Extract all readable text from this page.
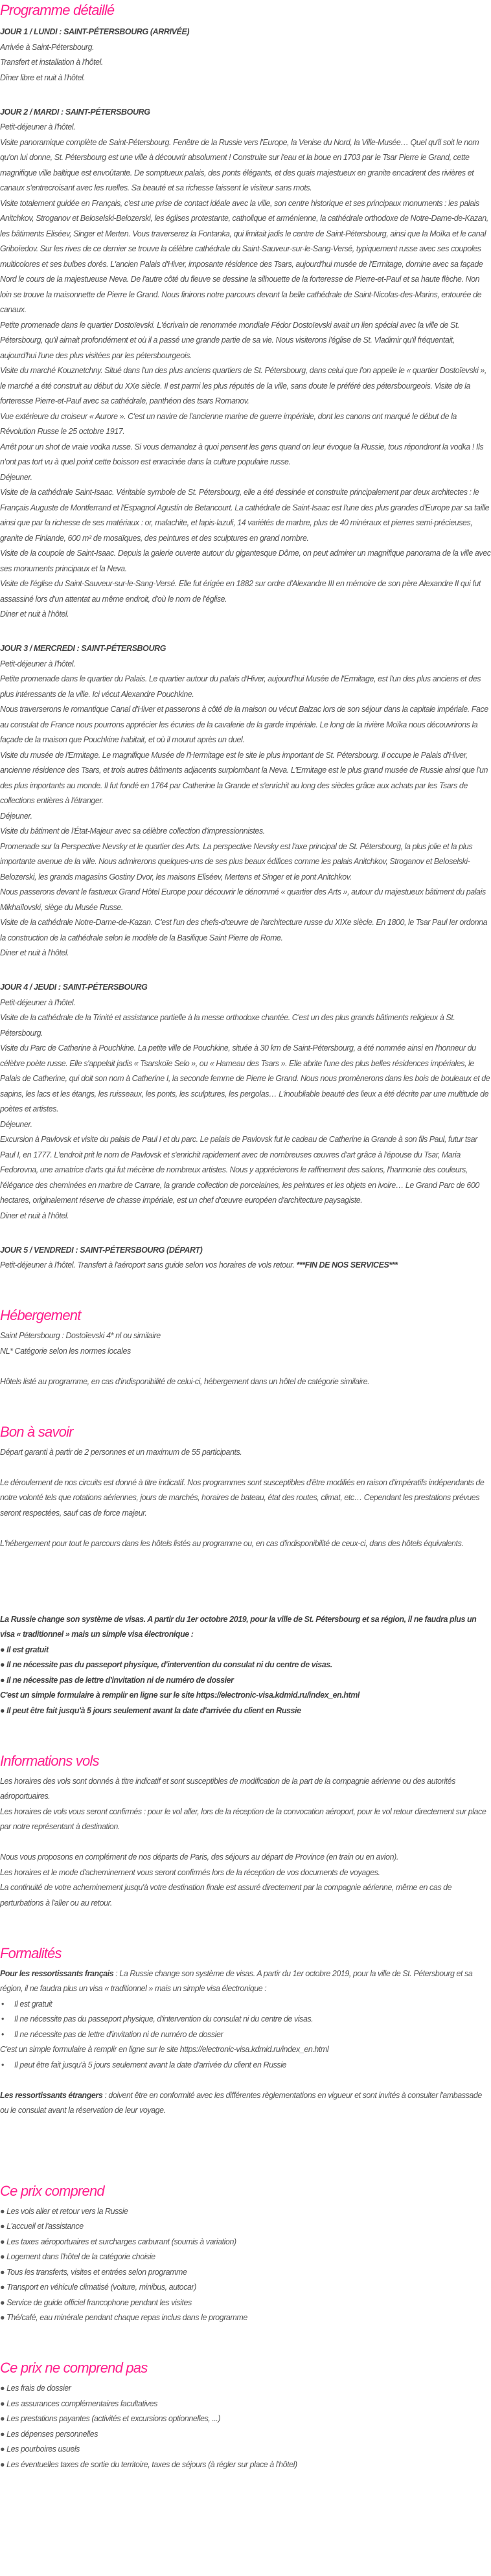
Programme détaillé
JOUR 1 / LUNDI : SAINT-PÉTERSBOURG (ARRIVÉE)

Arrivée à Saint-Pétersbourg.

Transfert et installation à l'hôtel.

Dîner libre et nuit à l'hôtel.

JOUR 2 / MARDI : SAINT-PÉTERSBOURG

Petit-déjeuner à l'hôtel.

Visite panoramique complète de Saint-Pétersbourg. Fenêtre de la Russie vers l'Europe, la Venise du Nord, la Ville-Musée… Quel qu'il soit le nom qu'on lui donne, St. Pétersbourg est une ville à découvrir absolument ! Construite sur l'eau et la boue en 1703 par le Tsar Pierre le Grand, cette magnifique ville baltique est envoûtante. De somptueux palais, des ponts élégants, et des quais majestueux en granite encadrent des rivières et canaux s'entrecroisant avec les ruelles. Sa beauté et sa richesse laissent le visiteur sans mots.

Visite totalement guidée en Français, c'est une prise de contact idéale avec la ville, son centre historique et ses principaux monuments : les palais Anitchkov, Stroganov et Beloselski-Belozerski, les églises protestante, catholique et arménienne, la cathédrale orthodoxe de Notre-Dame-de-Kazan, les bâtiments Eliséev, Singer et Merten. Vous traverserez la Fontanka, qui limitait jadis le centre de Saint-Pétersbourg, ainsi que la Moïka et le canal Griboïedov. Sur les rives de ce dernier se trouve la célèbre cathédrale du Saint-Sauveur-sur-le-Sang-Versé, typiquement russe avec ses coupoles multicolores et ses bulbes dorés. L'ancien Palais d'Hiver, imposante résidence des Tsars, aujourd'hui musée de l'Ermitage, domine avec sa façade Nord le cours de la majestueuse Neva. De l'autre côté du fleuve se dessine la silhouette de la forteresse de Pierre-et-Paul et sa haute flèche. Non loin se trouve la maisonnette de Pierre le Grand. Nous finirons notre parcours devant la belle cathédrale de Saint-Nicolas-des-Marins, entourée de canaux.

Petite promenade dans le quartier Dostoïevski. L'écrivain de renommée mondiale Fédor Dostoïevski avait un lien spécial avec la ville de St. Pétersbourg, qu'il aimait profondément et où il a passé une grande partie de sa vie. Nous visiterons l'église de St. Vladimir qu'il fréquentait, aujourd'hui l'une des plus visitées par les pétersbourgeois.

Visite du marché Kouznetchny. Situé dans l'un des plus anciens quartiers de St. Pétersbourg, dans celui que l'on appelle le « quartier Dostoïevski », le marché a été construit au début du XXe siècle. Il est parmi les plus réputés de la ville, sans doute le préféré des pétersbourgeois. Visite de la forteresse Pierre-et-Paul avec sa cathédrale, panthéon des tsars Romanov.

Vue extérieure du croiseur « Aurore ». C'est un navire de l'ancienne marine de guerre impériale, dont les canons ont marqué le début de la Révolution Russe le 25 octobre 1917.

Arrêt pour un shot de vraie vodka russe. Si vous demandez à quoi pensent les gens quand on leur évoque la Russie, tous répondront la vodka ! Ils n'ont pas tort vu à quel point cette boisson est enracinée dans la culture populaire russe.

Déjeuner.

Visite de la cathédrale Saint-Isaac. Véritable symbole de St. Pétersbourg, elle a été dessinée et construite principalement par deux architectes : le Français Auguste de Montferrand et l'Espagnol Agustín de Betancourt. La cathédrale de Saint-Isaac est l'une des plus grandes d'Europe par sa taille ainsi que par la richesse de ses matériaux : or, malachite, et lapis-lazuli, 14 variétés de marbre, plus de 40 minéraux et pierres semi-précieuses, granite de Finlande, 600 m² de mosaïques, des peintures et des sculptures en grand nombre.

Visite de la coupole de Saint-Isaac. Depuis la galerie ouverte autour du gigantesque Dôme, on peut admirer un magnifique panorama de la ville avec ses monuments principaux et la Neva.

Visite de l'église du Saint-Sauveur-sur-le-Sang-Versé. Elle fut érigée en 1882 sur ordre d'Alexandre III en mémoire de son père Alexandre II qui fut assassiné lors d'un attentat au même endroit, d'où le nom de l'église.

Diner et nuit à l'hôtel.

JOUR 3 / MERCREDI : SAINT-PÉTERSBOURG

Petit-déjeuner à l'hôtel.

Petite promenade dans le quartier du Palais. Le quartier autour du palais d'Hiver, aujourd'hui Musée de l'Ermitage, est l'un des plus anciens et des plus intéressants de la ville. Ici vécut Alexandre Pouchkine.

Nous traverserons le romantique Canal d'Hiver et passerons à côté de la maison ou vécut Balzac lors de son séjour dans la capitale impériale. Face au consulat de France nous pourrons apprécier les écuries de la cavalerie de la garde impériale. Le long de la rivière Moïka nous découvrirons la façade de la maison que Pouchkine habitait, et où il mourut après un duel.

Visite du musée de l'Ermitage. Le magnifique Musée de l'Hermitage est le site le plus important de St. Pétersbourg. Il occupe le Palais d'Hiver, ancienne résidence des Tsars, et trois autres bâtiments adjacents surplombant la Neva. L'Ermitage est le plus grand musée de Russie ainsi que l'un des plus importants au monde. Il fut fondé en 1764 par Catherine la Grande et s'enrichit au long des siècles grâce aux achats par les Tsars de collections entières à l'étranger.

Déjeuner.

Visite du bâtiment de l'État-Majeur avec sa célèbre collection d'impressionnistes.

Promenade sur la Perspective Nevsky et le quartier des Arts. La perspective Nevsky est l'axe principal de St. Pétersbourg, la plus jolie et la plus importante avenue de la ville. Nous admirerons quelques-uns de ses plus beaux édifices comme les palais Anitchkov, Stroganov et Beloselski-Belozerski, les grands magasins Gostiny Dvor, les maisons Eliséev, Mertens et Singer et le pont Anitchkov.

Nous passerons devant le fastueux Grand Hôtel Europe pour découvrir le dénommé « quartier des Arts », autour du majestueux bâtiment du palais Mikhaïlovski, siège du Musée Russe.

Visite de la cathédrale Notre-Dame-de-Kazan. C'est l'un des chefs-d'œuvre de l'architecture russe du XIXe siècle. En 1800, le Tsar Paul Ier ordonna la construction de la cathédrale selon le modèle de la Basilique Saint Pierre de Rome.

Diner et nuit à l'hôtel.

JOUR 4 / JEUDI : SAINT-PÉTERSBOURG

Petit-déjeuner à l'hôtel.

Visite de la cathédrale de la Trinité et assistance partielle à la messe orthodoxe chantée. C'est un des plus grands bâtiments religieux à St. Pétersbourg.

Visite du Parc de Catherine à Pouchkine. La petite ville de Pouchkine, située à 30 km de Saint-Pétersbourg, a été nommée ainsi en l'honneur du célèbre poète russe. Elle s'appelait jadis « Tsarskoïe Selo », ou « Hameau des Tsars ». Elle abrite l'une des plus belles résidences impériales, le Palais de Catherine, qui doit son nom à Catherine I, la seconde femme de Pierre le Grand. Nous nous promènerons dans les bois de bouleaux et de sapins, les lacs et les étangs, les ruisseaux, les ponts, les sculptures, les pergolas… L'inoubliable beauté des lieux a été décrite par une multitude de poètes et artistes.

Déjeuner.

Excursion à Pavlovsk et visite du palais de Paul I et du parc. Le palais de Pavlovsk fut le cadeau de Catherine la Grande à son fils Paul, futur tsar Paul I, en 1777. L'endroit prit le nom de Pavlovsk et s'enrichit rapidement avec de nombreuses œuvres d'art grâce à l'épouse du Tsar, Maria Fedorovna, une amatrice d'arts qui fut mécène de nombreux artistes. Nous y apprécierons le raffinement des salons, l'harmonie des couleurs, l'élégance des cheminées en marbre de Carrare, la grande collection de porcelaines, les peintures et les objets en ivoire… Le Grand Parc de 600 hectares, originalement réserve de chasse impériale, est un chef d'œuvre européen d'architecture paysagiste.

Diner et nuit à l'hôtel.

JOUR 5 / VENDREDI : SAINT-PÉTERSBOURG (DÉPART)

Petit-déjeuner à l'hôtel. Transfert à l'aéroport sans guide selon vos horaires de vols retour. ***FIN DE NOS SERVICES***

Hébergement

Saint Pétersbourg : Dostoïevski 4* nl ou similaire

NL* Catégorie selon les normes locales

Hôtels listé au programme, en cas d'indisponibilité de celui-ci, hébergement dans un hôtel de catégorie similaire.

Bon à savoir

Départ garanti à partir de 2 personnes et un maximum de 55 participants.

Le déroulement de nos circuits est donné à titre indicatif. Nos programmes sont susceptibles d'être modifiés en raison d'impératifs indépendants de notre volonté tels que rotations aériennes, jours de marchés, horaires de bateau, état des routes, climat, etc… Cependant les prestations prévues seront respectées, sauf cas de force majeur.

L'hébergement pour tout le parcours dans les hôtels listés au programme ou, en cas d'indisponibilité de ceux-ci, dans des hôtels équivalents.

La Russie change son système de visas. A partir du 1er octobre 2019, pour la ville de St. Pétersbourg et sa région, il ne faudra plus un visa « traditionnel » mais un simple visa électronique :

● Il est gratuit

● Il ne nécessite pas du passeport physique, d'intervention du consulat ni du centre de visas.

● Il ne nécessite pas de lettre d'invitation ni de numéro de dossier

C'est un simple formulaire à remplir en ligne sur le site https://electronic-visa.kdmid.ru/index_en.html

● Il peut être fait jusqu'à 5 jours seulement avant la date d'arrivée du client en Russie

Informations vols

Les horaires des vols sont donnés à titre indicatif et sont susceptibles de modification de la part de la compagnie aérienne ou des autorités aéroportuaires.

Les horaires de vols vous seront confirmés : pour le vol aller, lors de la réception de la convocation aéroport, pour le vol retour directement sur place par notre représentant à destination.

Nous vous proposons en complément de nos départs de Paris, des séjours au départ de Province (en train ou en avion).

Les horaires et le mode d'acheminement vous seront confirmés lors de la réception de vos documents de voyages.

La continuité de votre acheminement jusqu'à votre destination finale est assuré directement par la compagnie aérienne, même en cas de perturbations à l'aller ou au retour.

Formalités

Pour les ressortissants français : La Russie change son système de visas. A partir du 1er octobre 2019, pour la ville de St. Pétersbourg et sa région, il ne faudra plus un visa « traditionnel » mais un simple visa électronique :

• Il est gratuit

• Il ne nécessite pas du passeport physique, d'intervention du consulat ni du centre de visas.

• Il ne nécessite pas de lettre d'invitation ni de numéro de dossier

C'est un simple formulaire à remplir en ligne sur le site https://electronic-visa.kdmid.ru/index_en.html

• Il peut être fait jusqu'à 5 jours seulement avant la date d'arrivée du client en Russie

Les ressortissants étrangers : doivent être en conformité avec les différentes règlementations en vigueur et sont invités à consulter l'ambassade ou le consulat avant la réservation de leur voyage.

Ce prix comprend

● Les vols aller et retour vers la Russie

● L'accueil et l'assistance

● Les taxes aéroportuaires et surcharges carburant (soumis à variation)

● Logement dans l'hôtel de la catégorie choisie

● Tous les transferts, visites et entrées selon programme

● Transport en véhicule climatisé (voiture, minibus, autocar)

● Service de guide officiel francophone pendant les visites

● Thé/café, eau minérale pendant chaque repas inclus dans le programme

Ce prix ne comprend pas

● Les frais de dossier

● Les assurances complémentaires facultatives

● Les prestations payantes (activités et excursions optionnelles, ...)

● Les dépenses personnelles

● Les pourboires usuels

● Les éventuelles taxes de sortie du territoire, taxes de séjours (à régler sur place à l'hôtel)
